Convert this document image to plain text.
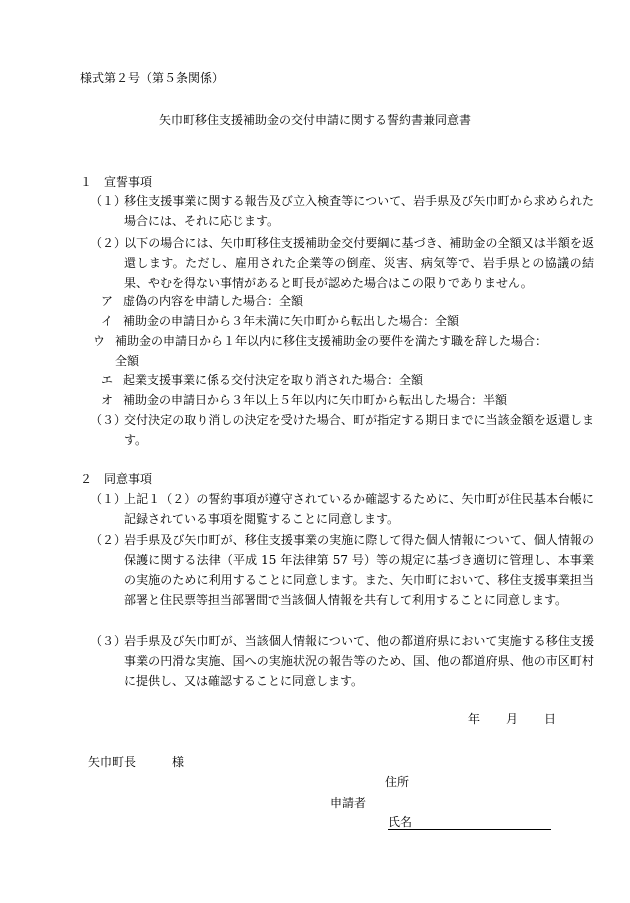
様式第２号（第５条関係）
矢巾町移住支援補助金の交付申請に関する誓約書兼同意書
１　宣誓事項
（１）移住支援事業に関する報告及び立入検査等について、岩手県及び矢巾町から求められた場合には、それに応じます。
（２）以下の場合には、矢巾町移住支援補助金交付要綱に基づき、補助金の全額又は半額を返還します。ただし、雇用された企業等の倒産、災害、病気等で、岩手県との協議の結果、やむを得ない事情があると町長が認めた場合はこの限りでありません。
ア 虚偽の内容を申請した場合：全額
イ 補助金の申請日から３年未満に矢巾町から転出した場合：全額
ウ 補助金の申請日から１年以内に移住支援補助金の要件を満たす職を辞した場合：全額
エ 起業支援事業に係る交付決定を取り消された場合：全額
オ 補助金の申請日から３年以上５年以内に矢巾町から転出した場合：半額
（３）交付決定の取り消しの決定を受けた場合、町が指定する期日までに当該金額を返還します。
２　同意事項
（１）上記１（２）の誓約事項が遵守されているか確認するために、矢巾町が住民基本台帳に記録されている事項を閲覧することに同意します。
（２）岩手県及び矢巾町が、移住支援事業の実施に際して得た個人情報について、個人情報の保護に関する法律（平成 15 年法律第 57 号）等の規定に基づき適切に管理し、本事業の実施のために利用することに同意します。また、矢巾町において、移住支援事業担当部署と住民票等担当部署間で当該個人情報を共有して利用することに同意します。
（３）岩手県及び矢巾町が、当該個人情報について、他の都道府県において実施する移住支援事業の円滑な実施、国への実施状況の報告等のため、国、他の都道府県、他の市区町村に提供し、又は確認することに同意します。
年 月 日
矢巾町長　　　様
住所
申請者
氏名
